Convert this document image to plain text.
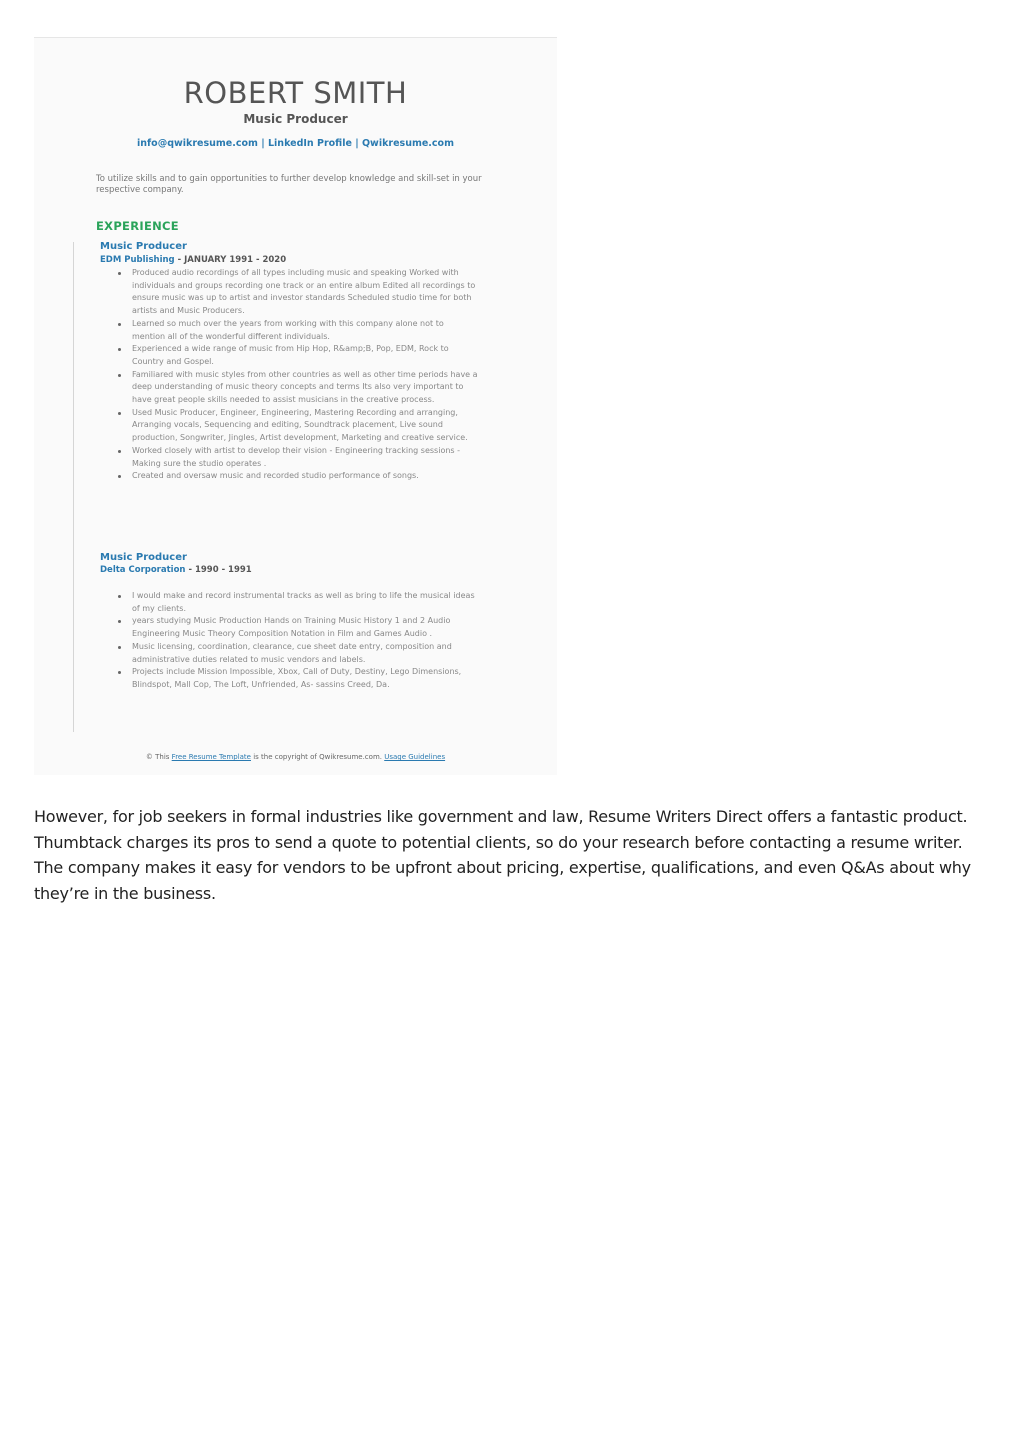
ROBERT SMITH
Music Producer
info@qwikresume.com | LinkedIn Profile | Qwikresume.com
To utilize skills and to gain opportunities to further develop knowledge and skill-set in your respective company.
EXPERIENCE
Music Producer
EDM Publishing - JANUARY 1991 - 2020
Produced audio recordings of all types including music and speaking Worked with individuals and groups recording one track or an entire album Edited all recordings to ensure music was up to artist and investor standards Scheduled studio time for both artists and Music Producers.
Learned so much over the years from working with this company alone not to mention all of the wonderful different individuals.
Experienced a wide range of music from Hip Hop, R&amp;B, Pop, EDM, Rock to Country and Gospel.
Familiared with music styles from other countries as well as other time periods have a deep understanding of music theory concepts and terms Its also very important to have great people skills needed to assist musicians in the creative process.
Used Music Producer, Engineer, Engineering, Mastering Recording and arranging, Arranging vocals, Sequencing and editing, Soundtrack placement, Live sound production, Songwriter, Jingles, Artist development, Marketing and creative service.
Worked closely with artist to develop their vision - Engineering tracking sessions - Making sure the studio operates .
Created and oversaw music and recorded studio performance of songs.
Music Producer
Delta Corporation - 1990 - 1991
I would make and record instrumental tracks as well as bring to life the musical ideas of my clients.
years studying Music Production Hands on Training Music History 1 and 2 Audio Engineering Music Theory Composition Notation in Film and Games Audio .
Music licensing, coordination, clearance, cue sheet date entry, composition and administrative duties related to music vendors and labels.
Projects include Mission Impossible, Xbox, Call of Duty, Destiny, Lego Dimensions, Blindspot, Mall Cop, The Loft, Unfriended, As- sassins Creed, Da.
© This Free Resume Template is the copyright of Qwikresume.com. Usage Guidelines

However, for job seekers in formal industries like government and law, Resume Writers Direct offers a fantastic product. Thumbtack charges its pros to send a quote to potential clients, so do your research before contacting a resume writer. The company makes it easy for vendors to be upfront about pricing, expertise, qualifications, and even Q&As about why they’re in the business.
